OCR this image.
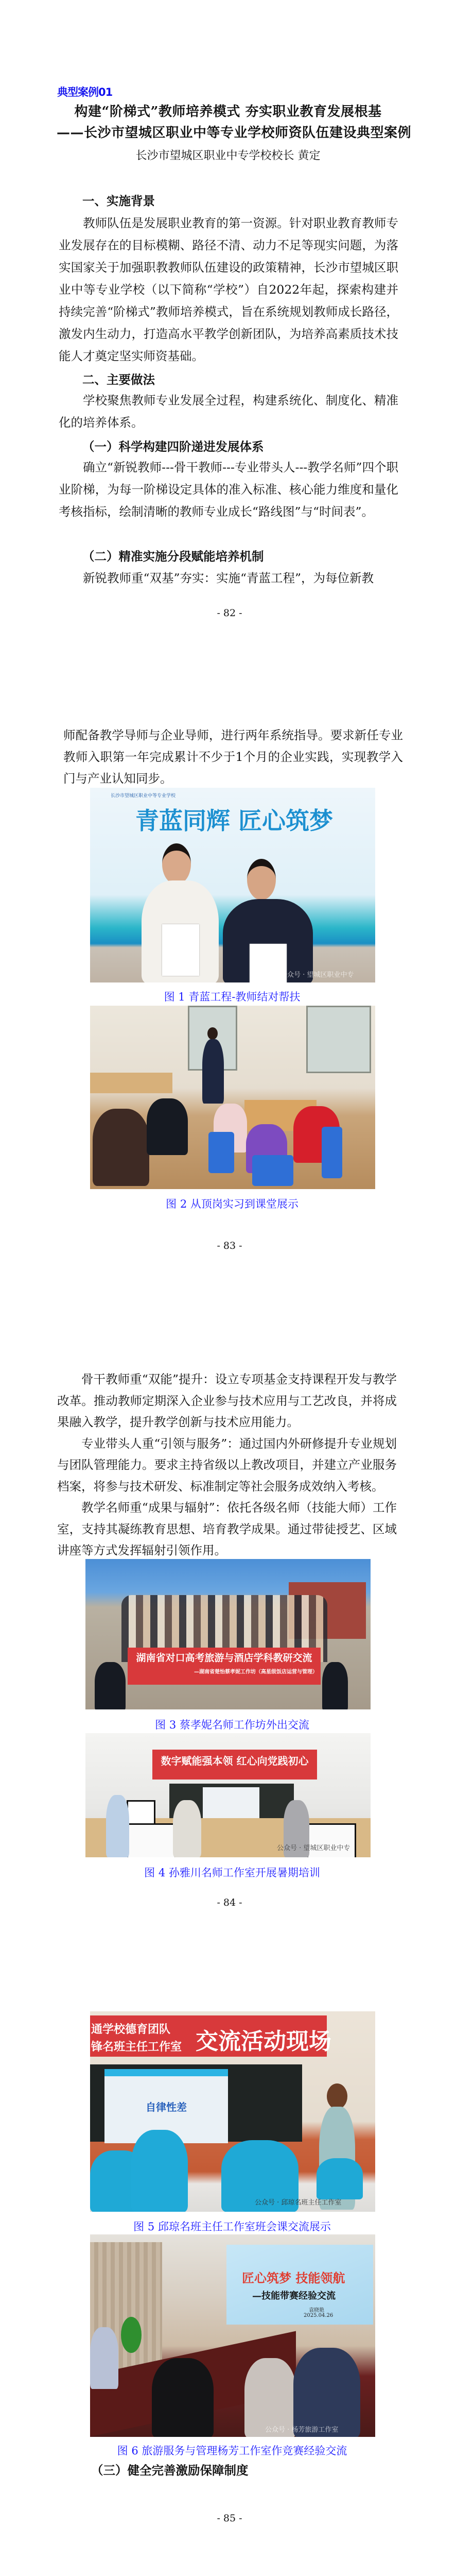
典型案例01
构建“阶梯式”教师培养模式 夯实职业教育发展根基
——长沙市望城区职业中等专业学校师资队伍建设典型案例
长沙市望城区职业中专学校校长 黄定
一、实施背景
教师队伍是发展职业教育的第一资源。针对职业教育教师专业发展存在的目标模糊、路径不清、动力不足等现实问题，为落实国家关于加强职教教师队伍建设的政策精神，长沙市望城区职业中等专业学校（以下简称“学校”）自2022年起，探索构建并持续完善“阶梯式”教师培养模式，旨在系统规划教师成长路径，激发内生动力，打造高水平教学创新团队，为培养高素质技术技能人才奠定坚实师资基础。
二、主要做法
学校聚焦教师专业发展全过程，构建系统化、制度化、精准化的培养体系。
（一）科学构建四阶递进发展体系
确立“新锐教师---骨干教师---专业带头人---教学名师”四个职业阶梯，为每一阶梯设定具体的准入标准、核心能力维度和量化考核指标，绘制清晰的教师专业成长“路线图”与“时间表”。
（二）精准实施分段赋能培养机制
新锐教师重“双基”夯实：实施“青蓝工程”，为每位新教
- 82 -
师配备教学导师与企业导师，进行两年系统指导。要求新任专业教师入职第一年完成累计不少于1个月的企业实践，实现教学入门与产业认知同步。
长沙市望城区职业中等专业学校
青蓝同辉 匠心筑梦
公众号 · 望城区职业中专
图 1 青蓝工程-教师结对帮扶
图 2 从顶岗实习到课堂展示
- 83 -
骨干教师重“双能”提升：设立专项基金支持课程开发与教学改革。推动教师定期深入企业参与技术应用与工艺改良，并将成果融入教学，提升教学创新与技术应用能力。
专业带头人重“引领与服务”：通过国内外研修提升专业规划与团队管理能力。要求主持省级以上教改项目，并建立产业服务档案，将参与技术研发、标准制定等社会服务成效纳入考核。
教学名师重“成果与辐射”：依托各级名师（技能大师）工作室，支持其凝练教育思想、培育教学成果。通过带徒授艺、区域讲座等方式发挥辐射引领作用。
湖南省对口高考旅游与酒店学科教研交流
—湖南省楚怡蔡孝妮工作坊（高星级饭店运营与管理）
图 3 蔡孝妮名师工作坊外出交流
数字赋能强本领 红心向党践初心
公众号 · 望城区职业中专
图 4 孙雅川名师工作室开展暑期培训
- 84 -
通学校德育团队
锋名班主任工作室 交流活动现场
自律性差
公众号 · 邱琼名班主任工作室
图 5 邱琼名班主任工作室班会课交流展示
匠心筑梦 技能领航
—技能带赛经验交流
袁晓艳
2025.04.26
公众号 · 杨芳旅游工作室
图 6 旅游服务与管理杨芳工作室作竞赛经验交流
（三）健全完善激励保障制度
- 85 -
